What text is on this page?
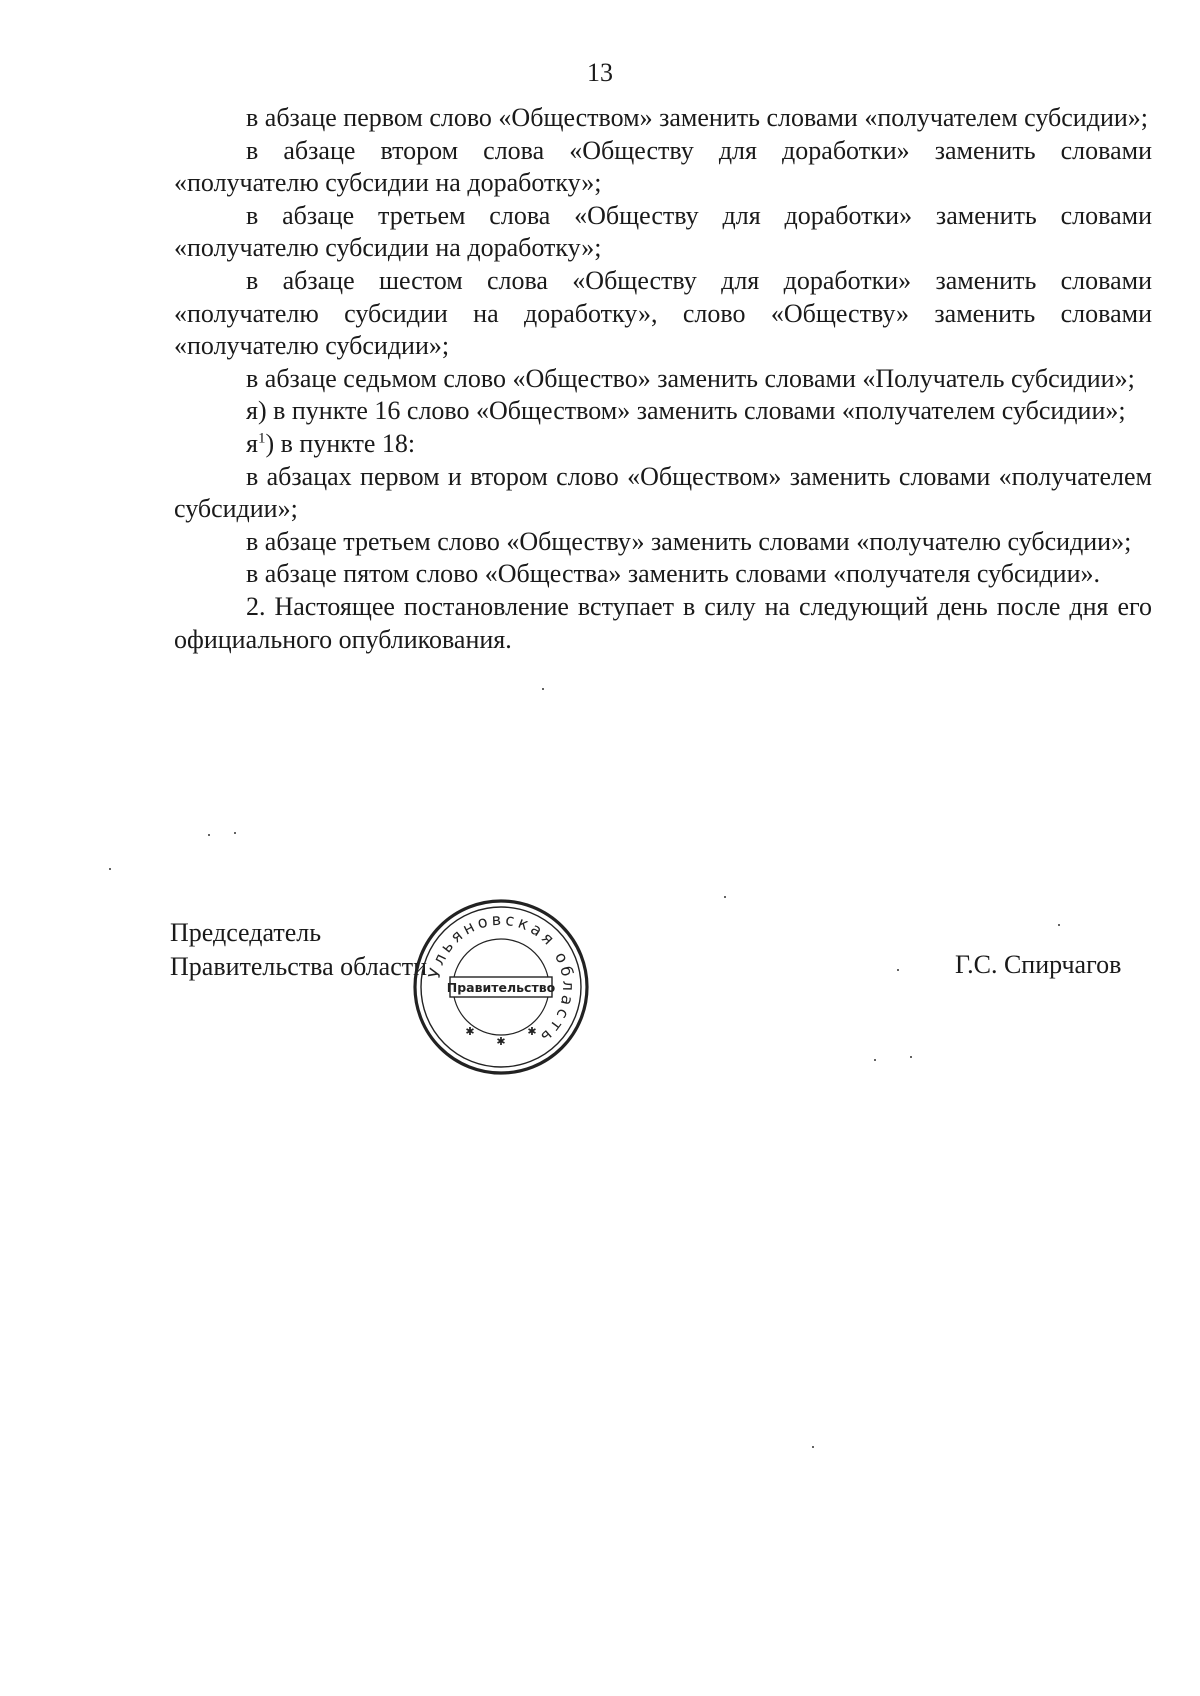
13

в абзаце первом слово «Обществом» заменить словами «получателем субсидии»;

в абзаце втором слова «Обществу для доработки» заменить словами «получателю субсидии на доработку»;

в абзаце третьем слова «Обществу для доработки» заменить словами «получателю субсидии на доработку»;

в абзаце шестом слова «Обществу для доработки» заменить словами «получателю субсидии на доработку», слово «Обществу» заменить словами «получателю субсидии»;

в абзаце седьмом слово «Общество» заменить словами «Получатель субсидии»;

я) в пункте 16 слово «Обществом» заменить словами «получателем субсидии»;

$я^1$) в пункте 18:

в абзацах первом и втором слово «Обществом» заменить словами «получателем субсидии»;

в абзаце третьем слово «Обществу» заменить словами «получателю субсидии»;

в абзаце пятом слово «Общества» заменить словами «получателя субсидии».

2. Настоящее постановление вступает в силу на следующий день после дня его официального опубликования.

Председатель
Правительства области	Г.С. Спирчагов
Ульяновская область
Правительство
✱
✱
✱
